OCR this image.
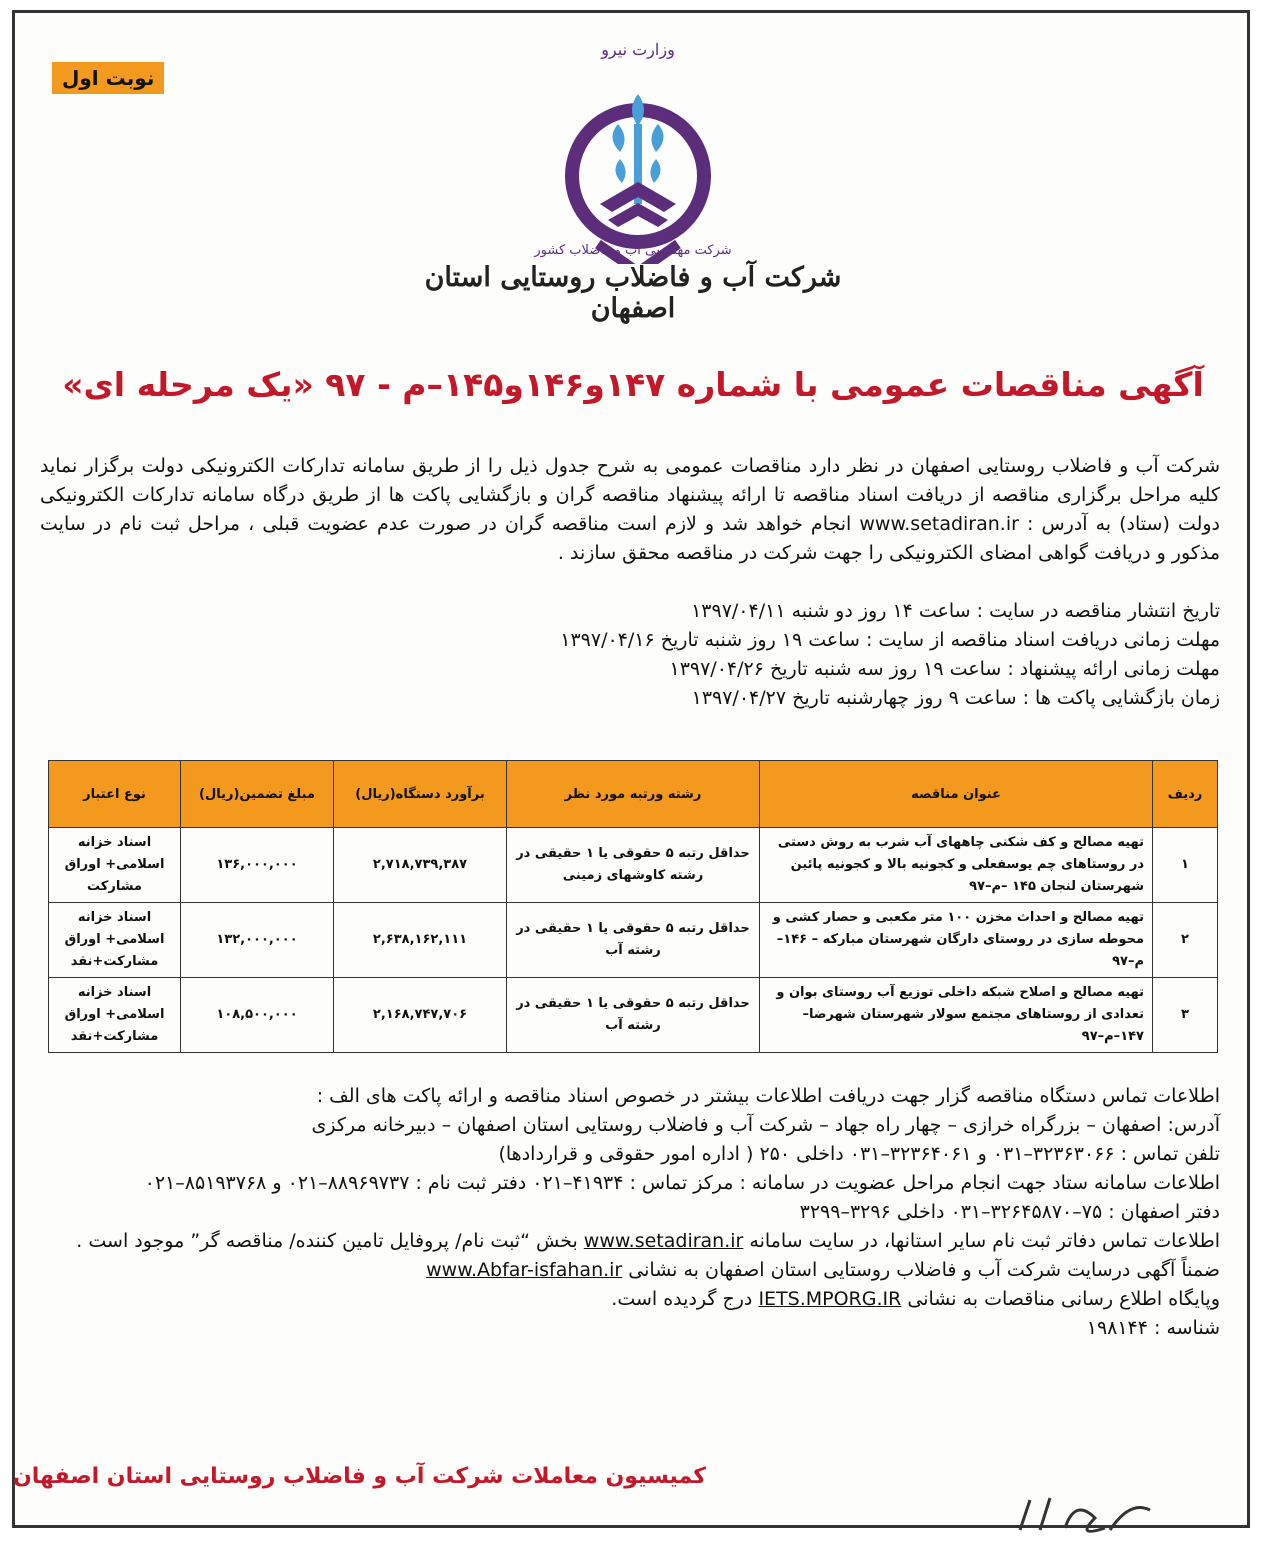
نوبت اول
وزارت نیرو
شرکت مهندسی آب و فاضلاب کشور
شرکت آب و فاضلاب روستایی استان اصفهان
آگهی مناقصات عمومی با شماره ۱۴۷و۱۴۶و۱۴۵–م - ۹۷ «یک مرحله ای»
شرکت آب و فاضلاب روستایی اصفهان در نظر دارد مناقصات عمومی به شرح جدول ذیل را از طریق سامانه تدارکات الکترونیکی دولت برگزار نماید کلیه مراحل برگزاری مناقصه از دریافت اسناد مناقصه تا ارائه پیشنهاد مناقصه گران و بازگشایی پاکت ها از طریق درگاه سامانه تدارکات الکترونیکی دولت (ستاد) به آدرس : www.setadiran.ir انجام خواهد شد و لازم است مناقصه گران در صورت عدم عضویت قبلی ، مراحل ثبت نام در سایت مذکور و دریافت گواهی امضای الکترونیکی را جهت شرکت در مناقصه محقق سازند .
تاریخ انتشار مناقصه در سایت : ساعت ۱۴ روز دو شنبه ۱۳۹۷/۰۴/۱۱
مهلت زمانی دریافت اسناد مناقصه از سایت : ساعت ۱۹ روز شنبه تاریخ ۱۳۹۷/۰۴/۱۶
مهلت زمانی ارائه پیشنهاد : ساعت ۱۹ روز سه شنبه تاریخ ۱۳۹۷/۰۴/۲۶
زمان بازگشایی پاکت ها : ساعت ۹ روز چهارشنبه تاریخ ۱۳۹۷/۰۴/۲۷
ردیف	عنوان مناقصه	رشته ورتبه مورد نظر	برآورد دستگاه(ریال)	مبلغ تضمین(ریال)	نوع اعتبار
۱	تهیه مصالح و کف شکنی چاههای آب شرب به روش دستی در روستاهای چم یوسفعلی و کجونیه بالا و کجونیه پائین شهرستان لنجان ۱۴۵ –م–۹۷	حداقل رتبه ۵ حقوقی یا ۱ حقیقی در رشته کاوشهای زمینی	۲,۷۱۸,۷۳۹,۳۸۷	۱۳۶,۰۰۰,۰۰۰	اسناد خزانه اسلامی+ اوراق مشارکت
۲	تهیه مصالح و احداث مخزن ۱۰۰ متر مکعبی و حصار کشی و محوطه سازی در روستای دارگان شهرستان مبارکه – ۱۴۶–م–۹۷	حداقل رتبه ۵ حقوقی یا ۱ حقیقی در رشته آب	۲,۶۳۸,۱۶۲,۱۱۱	۱۳۲,۰۰۰,۰۰۰	اسناد خزانه اسلامی+ اوراق مشارکت+نقد
۳	تهیه مصالح و اصلاح شبکه داخلی توزیع آب روستای بوان و تعدادی از روستاهای مجتمع سولار شهرستان شهرضا– ۱۴۷–م–۹۷	حداقل رتبه ۵ حقوقی یا ۱ حقیقی در رشته آب	۲,۱۶۸,۷۴۷,۷۰۶	۱۰۸,۵۰۰,۰۰۰	اسناد خزانه اسلامی+ اوراق مشارکت+نقد
اطلاعات تماس دستگاه مناقصه گزار جهت دریافت اطلاعات بیشتر در خصوص اسناد مناقصه و ارائه پاکت های الف :
آدرس: اصفهان – بزرگراه خرازی – چهار راه جهاد – شرکت آب و فاضلاب روستایی استان اصفهان – دبیرخانه مرکزی
تلفن تماس : ۳۲۳۶۳۰۶۶–۰۳۱ و ۳۲۳۶۴۰۶۱–۰۳۱ داخلی ۲۵۰ ( اداره امور حقوقی و قراردادها)
اطلاعات سامانه ستاد جهت انجام مراحل عضویت در سامانه : مرکز تماس : ۴۱۹۳۴–۰۲۱ دفتر ثبت نام : ۸۸۹۶۹۷۳۷–۰۲۱ و ۸۵۱۹۳۷۶۸–۰۲۱
دفتر اصفهان : ۷۵–۳۲۶۴۵۸۷۰–۰۳۱ داخلی ۳۲۹۶–۳۲۹۹
اطلاعات تماس دفاتر ثبت نام سایر استانها، در سایت سامانه www.setadiran.ir بخش “ثبت نام/ پروفایل تامین کننده/ مناقصه گر” موجود است .
ضمناً آگهی درسایت شرکت آب و فاضلاب روستایی استان اصفهان به نشانی www.Abfar-isfahan.ir
وپایگاه اطلاع رسانی مناقصات به نشانی IETS.MPORG.IR درج گردیده است.
شناسه : ۱۹۸۱۴۴
کمیسیون معاملات شرکت آب و فاضلاب روستایی استان اصفهان
